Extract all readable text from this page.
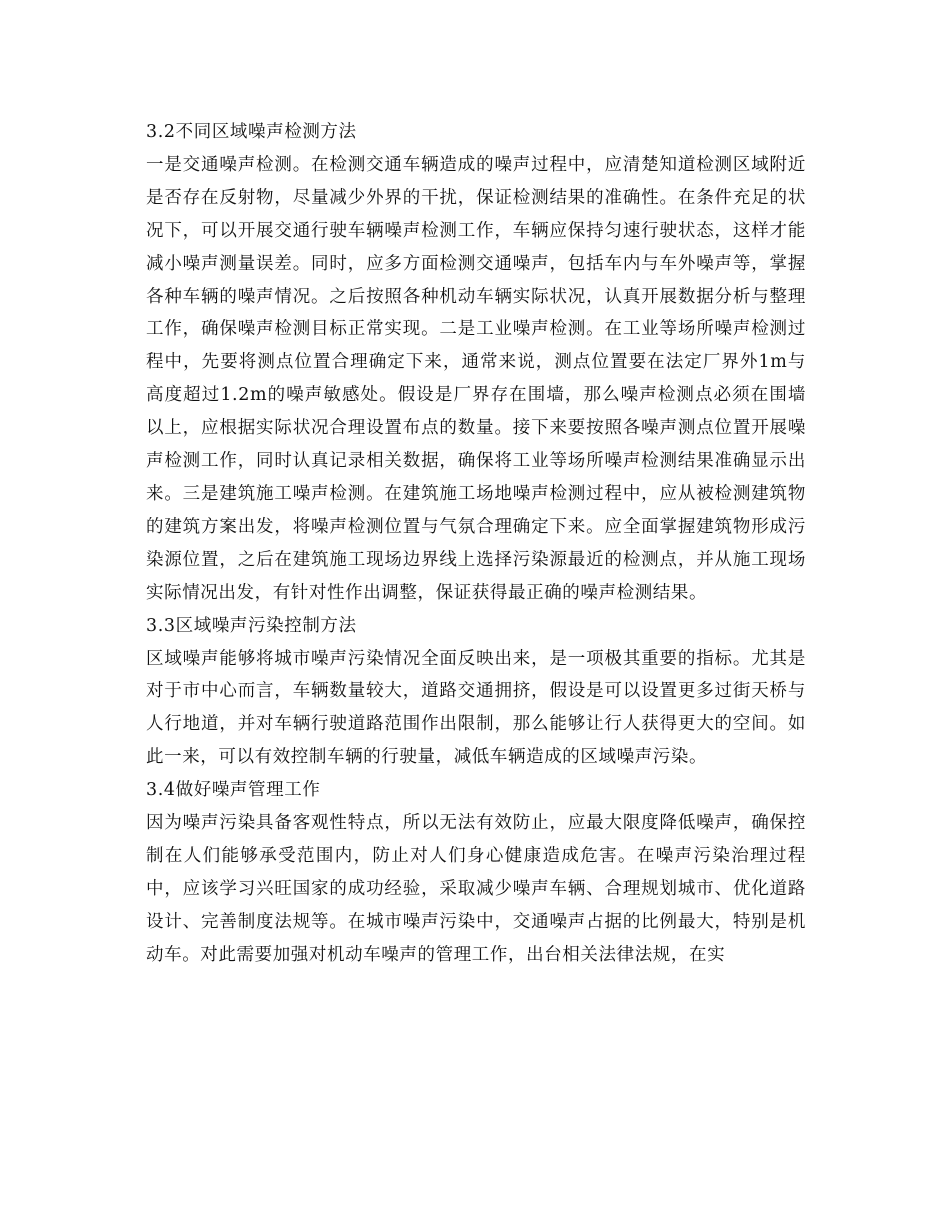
3.2不同区域噪声检测方法

一是交通噪声检测。在检测交通车辆造成的噪声过程中，应清楚知道检测区域附近是否存在反射物，尽量减少外界的干扰，保证检测结果的准确性。在条件充足的状况下，可以开展交通行驶车辆噪声检测工作，车辆应保持匀速行驶状态，这样才能减小噪声测量误差。同时，应多方面检测交通噪声，包括车内与车外噪声等，掌握各种车辆的噪声情况。之后按照各种机动车辆实际状况，认真开展数据分析与整理工作，确保噪声检测目标正常实现。二是工业噪声检测。在工业等场所噪声检测过程中，先要将测点位置合理确定下来，通常来说，测点位置要在法定厂界外1m与高度超过1.2m的噪声敏感处。假设是厂界存在围墙，那么噪声检测点必须在围墙以上，应根据实际状况合理设置布点的数量。接下来要按照各噪声测点位置开展噪声检测工作，同时认真记录相关数据，确保将工业等场所噪声检测结果准确显示出来。三是建筑施工噪声检测。在建筑施工场地噪声检测过程中，应从被检测建筑物的建筑方案出发，将噪声检测位置与气氛合理确定下来。应全面掌握建筑物形成污染源位置，之后在建筑施工现场边界线上选择污染源最近的检测点，并从施工现场实际情况出发，有针对性作出调整，保证获得最正确的噪声检测结果。

3.3区域噪声污染控制方法

区域噪声能够将城市噪声污染情况全面反映出来，是一项极其重要的指标。尤其是对于市中心而言，车辆数量较大，道路交通拥挤，假设是可以设置更多过街天桥与人行地道，并对车辆行驶道路范围作出限制，那么能够让行人获得更大的空间。如此一来，可以有效控制车辆的行驶量，减低车辆造成的区域噪声污染。

3.4做好噪声管理工作

因为噪声污染具备客观性特点，所以无法有效防止，应最大限度降低噪声，确保控制在人们能够承受范围内，防止对人们身心健康造成危害。在噪声污染治理过程中，应该学习兴旺国家的成功经验，采取减少噪声车辆、合理规划城市、优化道路设计、完善制度法规等。在城市噪声污染中，交通噪声占据的比例最大，特别是机动车。对此需要加强对机动车噪声的管理工作，出台相关法律法规，在实
